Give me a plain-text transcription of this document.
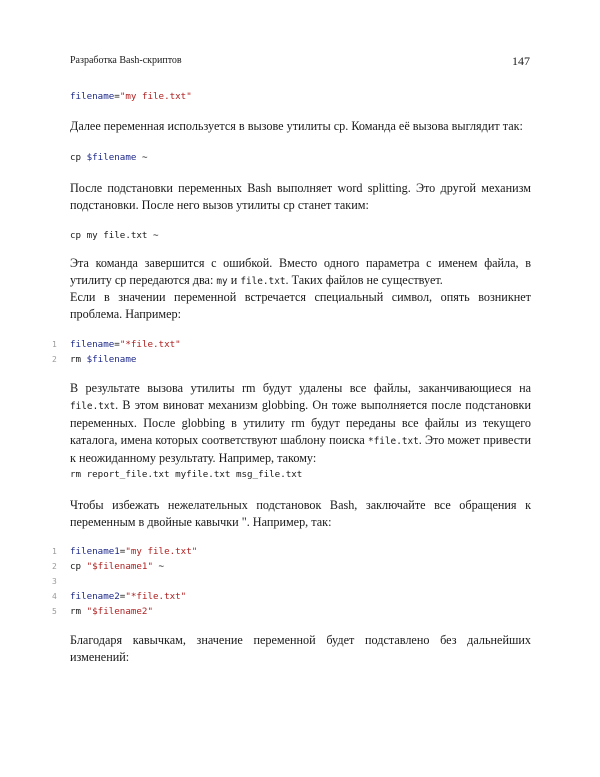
Разработка Bash-скриптов	147
filename="my file.txt"
Далее переменная используется в вызове утилиты cp. Команда её вызова выглядит так:
cp $filename ~
После подстановки переменных Bash выполняет word splitting. Это другой механизм подстановки. После него вызов утилиты cp станет таким:
cp my file.txt ~
Эта команда завершится с ошибкой. Вместо одного параметра с именем файла, в утилиту cp передаются два: my и file.txt. Таких файлов не существует.
Если в значении переменной встречается специальный символ, опять возникнет проблема. Например:
1 filename="*file.txt"

2 rm $filename
В результате вызова утилиты rm будут удалены все файлы, заканчивающиеся на file.txt. В этом виноват механизм globbing. Он тоже выполняется после подстановки переменных. После globbing в утилиту rm будут переданы все файлы из текущего каталога, имена которых соответствуют шаблону поиска *file.txt. Это может привести к неожиданному результату. Например, такому:
rm report_file.txt myfile.txt msg_file.txt
Чтобы избежать нежелательных подстановок Bash, заключайте все обращения к переменным в двойные кавычки ". Например, так:
1 filename1="my file.txt"

2 cp "$filename1" ~

3

4 filename2="*file.txt"

5 rm "$filename2"
Благодаря кавычкам, значение переменной будет подставлено без дальнейших изменений:
